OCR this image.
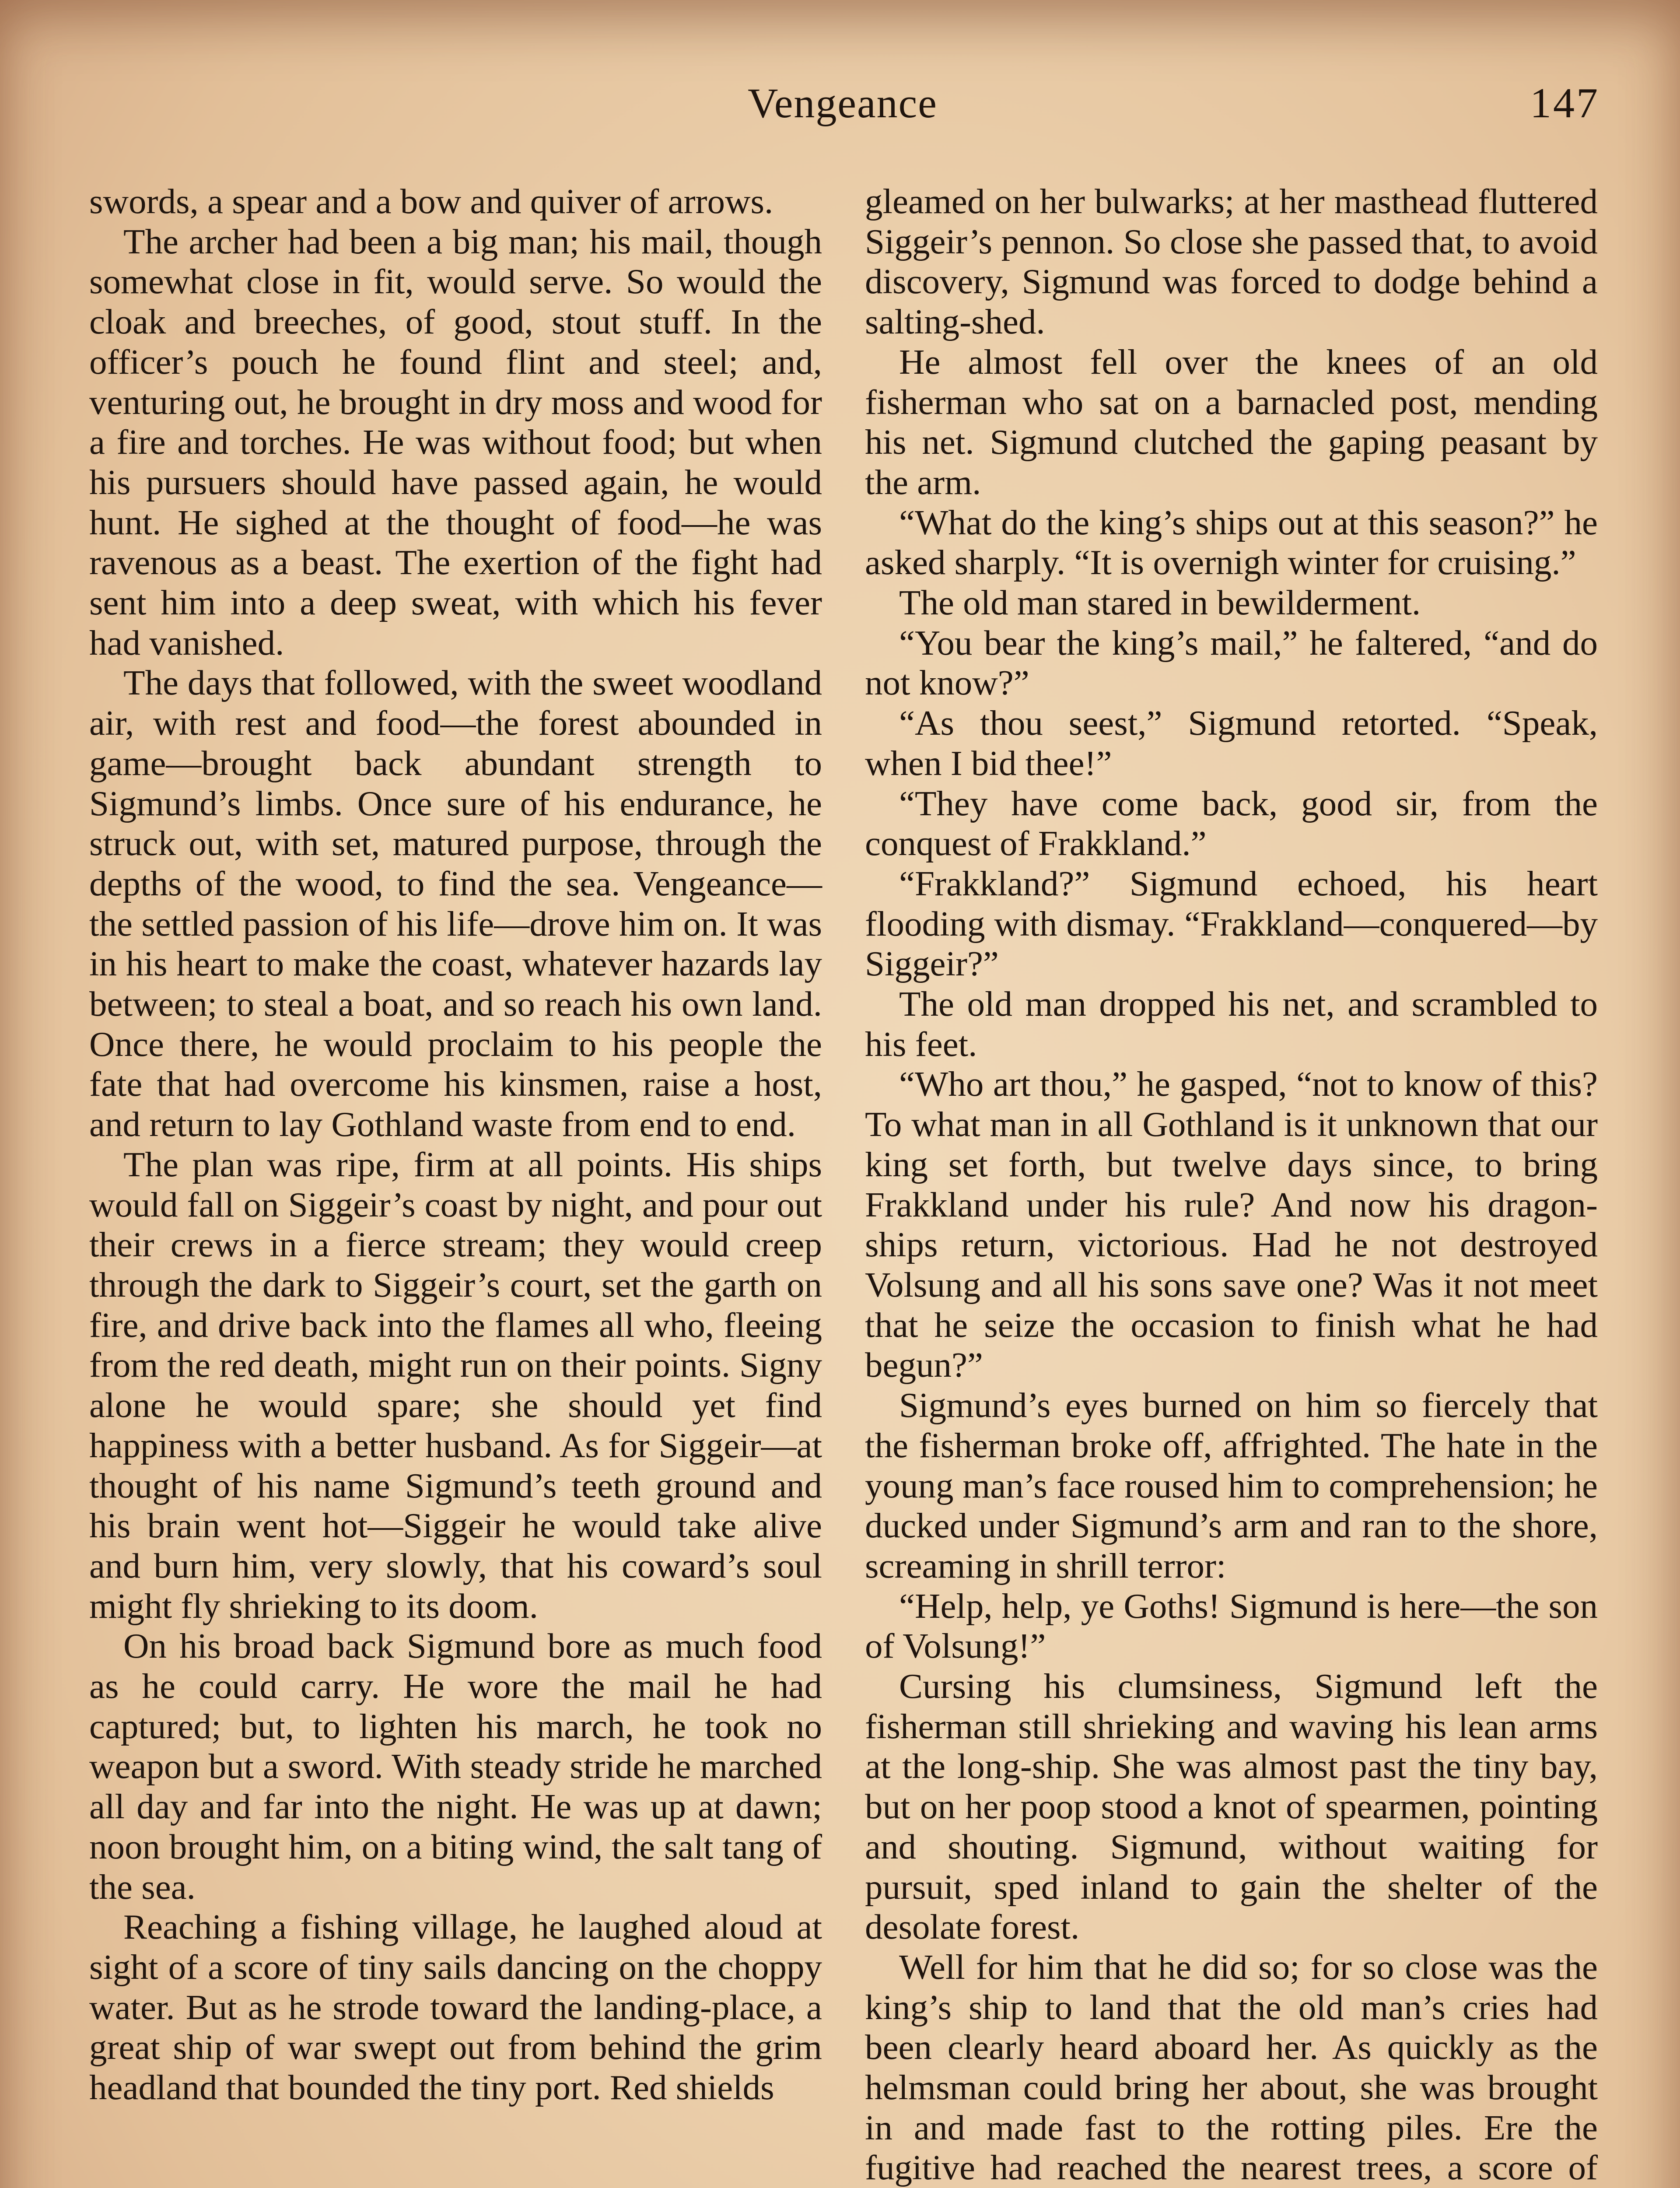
Vengeance	147

swords, a spear and a bow and quiver of arrows.

The archer had been a big man; his mail, though somewhat close in fit, would serve. So would the cloak and breeches, of good, stout stuff. In the officer’s pouch he found flint and steel; and, venturing out, he brought in dry moss and wood for a fire and torches. He was without food; but when his pursuers should have passed again, he would hunt. He sighed at the thought of food—he was ravenous as a beast. The exertion of the fight had sent him into a deep sweat, with which his fever had vanished.

The days that followed, with the sweet woodland air, with rest and food—the forest abounded in game—brought back abundant strength to Sigmund’s limbs. Once sure of his endurance, he struck out, with set, matured purpose, through the depths of the wood, to find the sea. Vengeance—the settled passion of his life—drove him on. It was in his heart to make the coast, whatever hazards lay between; to steal a boat, and so reach his own land. Once there, he would proclaim to his people the fate that had overcome his kinsmen, raise a host, and return to lay Gothland waste from end to end.

The plan was ripe, firm at all points. His ships would fall on Siggeir’s coast by night, and pour out their crews in a fierce stream; they would creep through the dark to Siggeir’s court, set the garth on fire, and drive back into the flames all who, fleeing from the red death, might run on their points. Signy alone he would spare; she should yet find happiness with a better husband. As for Siggeir—at thought of his name Sigmund’s teeth ground and his brain went hot—Siggeir he would take alive and burn him, very slowly, that his coward’s soul might fly shrieking to its doom.

On his broad back Sigmund bore as much food as he could carry. He wore the mail he had captured; but, to lighten his march, he took no weapon but a sword. With steady stride he marched all day and far into the night. He was up at dawn; noon brought him, on a biting wind, the salt tang of the sea.

Reaching a fishing village, he laughed aloud at sight of a score of tiny sails dancing on the choppy water. But as he strode toward the landing-place, a great ship of war swept out from behind the grim headland that bounded the tiny port. Red shields

gleamed on her bulwarks; at her masthead fluttered Siggeir’s pennon. So close she passed that, to avoid discovery, Sigmund was forced to dodge behind a salting-shed.

He almost fell over the knees of an old fisherman who sat on a barnacled post, mending his net. Sigmund clutched the gaping peasant by the arm.

“What do the king’s ships out at this season?” he asked sharply. “It is overnigh winter for cruising.”

The old man stared in bewilderment.

“You bear the king’s mail,” he faltered, “and do not know?”

“As thou seest,” Sigmund retorted. “Speak, when I bid thee!”

“They have come back, good sir, from the conquest of Frakkland.”

“Frakkland?” Sigmund echoed, his heart flooding with dismay. “Frakkland—conquered—by Siggeir?”

The old man dropped his net, and scrambled to his feet.

“Who art thou,” he gasped, “not to know of this? To what man in all Gothland is it unknown that our king set forth, but twelve days since, to bring Frakkland under his rule? And now his dragon-ships return, victorious. Had he not destroyed Volsung and all his sons save one? Was it not meet that he seize the occasion to finish what he had begun?”

Sigmund’s eyes burned on him so fiercely that the fisherman broke off, affrighted. The hate in the young man’s face roused him to comprehension; he ducked under Sigmund’s arm and ran to the shore, screaming in shrill terror:

“Help, help, ye Goths! Sigmund is here—the son of Volsung!”

Cursing his clumsiness, Sigmund left the fisherman still shrieking and waving his lean arms at the long-ship. She was almost past the tiny bay, but on her poop stood a knot of spearmen, pointing and shouting. Sigmund, without waiting for pursuit, sped inland to gain the shelter of the desolate forest.

Well for him that he did so; for so close was the king’s ship to land that the old man’s cries had been clearly heard aboard her. As quickly as the helmsman could bring her about, she was brought in and made fast to the rotting piles. Ere the fugitive had reached the nearest trees, a score of
